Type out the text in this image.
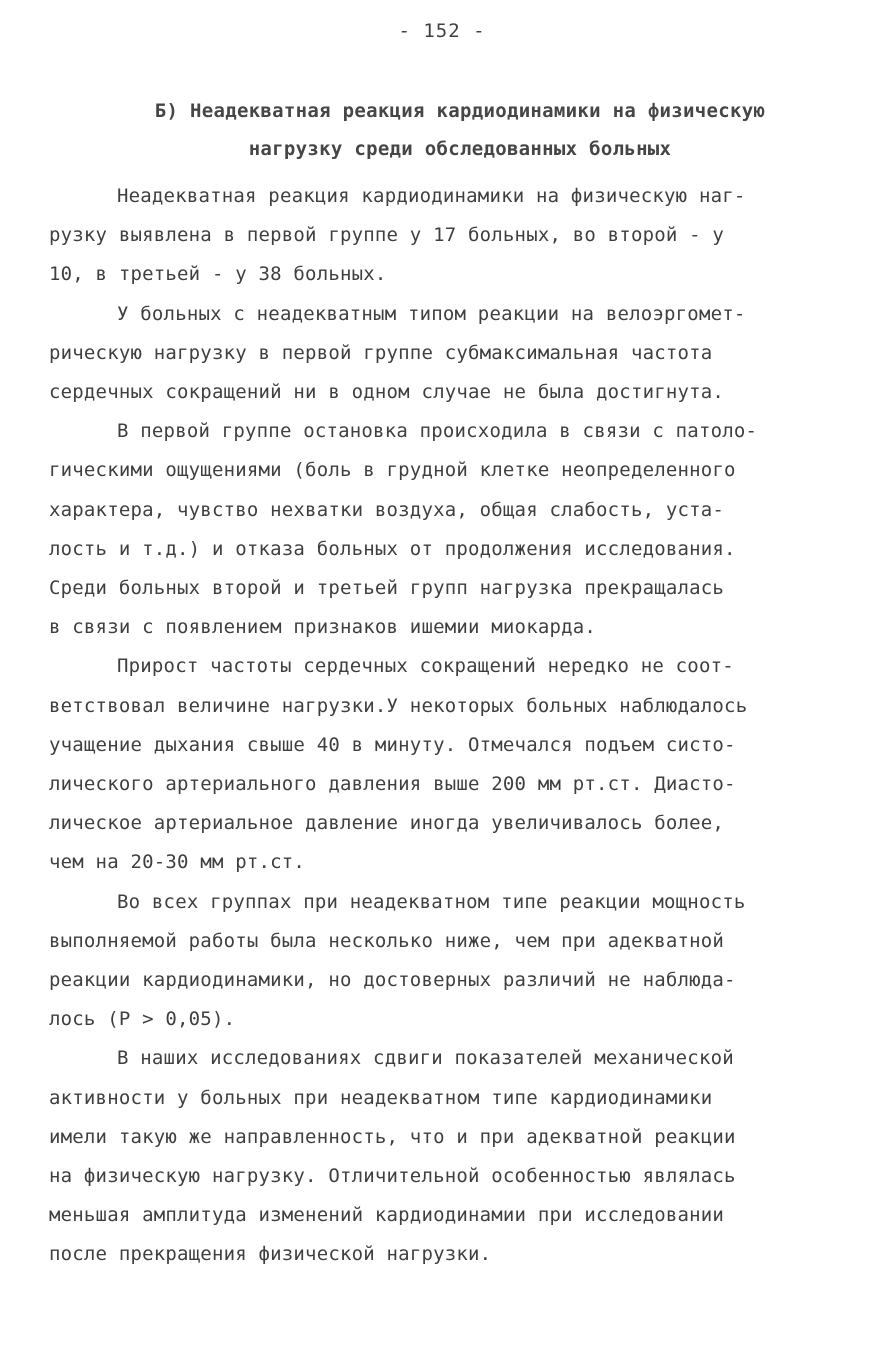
- 152 -
Б) Неадекватная реакция кардиодинамики на физическую
нагрузку среди обследованных больных
Неадекватная реакция кардиодинамики на физическую наг-
рузку выявлена в первой группе у 17 больных, во второй - у
10, в третьей - у 38 больных.
У больных с неадекватным типом реакции на велоэргомет-
рическую нагрузку в первой группе субмаксимальная частота
сердечных сокращений ни в одном случае не была достигнута.
В первой группе остановка происходила в связи с патоло-
гическими ощущениями (боль в грудной клетке неопределенного
характера, чувство нехватки воздуха, общая слабость, уста-
лость и т.д.) и отказа больных от продолжения исследования.
Среди больных второй и третьей групп нагрузка прекращалась
в связи с появлением признаков ишемии миокарда.
Прирост частоты сердечных сокращений нередко не соот-
ветствовал величине нагрузки.У некоторых больных наблюдалось
учащение дыхания свыше 40 в минуту. Отмечался подъем систо-
лического артериального давления выше 200 мм рт.ст. Диасто-
лическое артериальное давление иногда увеличивалось более,
чем на 20-30 мм рт.ст.
Во всех группах при неадекватном типе реакции мощность
выполняемой работы была несколько ниже, чем при адекватной
реакции кардиодинамики, но достоверных различий не наблюда-
лось (P > 0,05).
В наших исследованиях сдвиги показателей механической
активности у больных при неадекватном типе кардиодинамики
имели такую же направленность, что и при адекватной реакции
на физическую нагрузку. Отличительной особенностью являлась
меньшая амплитуда изменений кардиодинамии при исследовании
после прекращения физической нагрузки.
